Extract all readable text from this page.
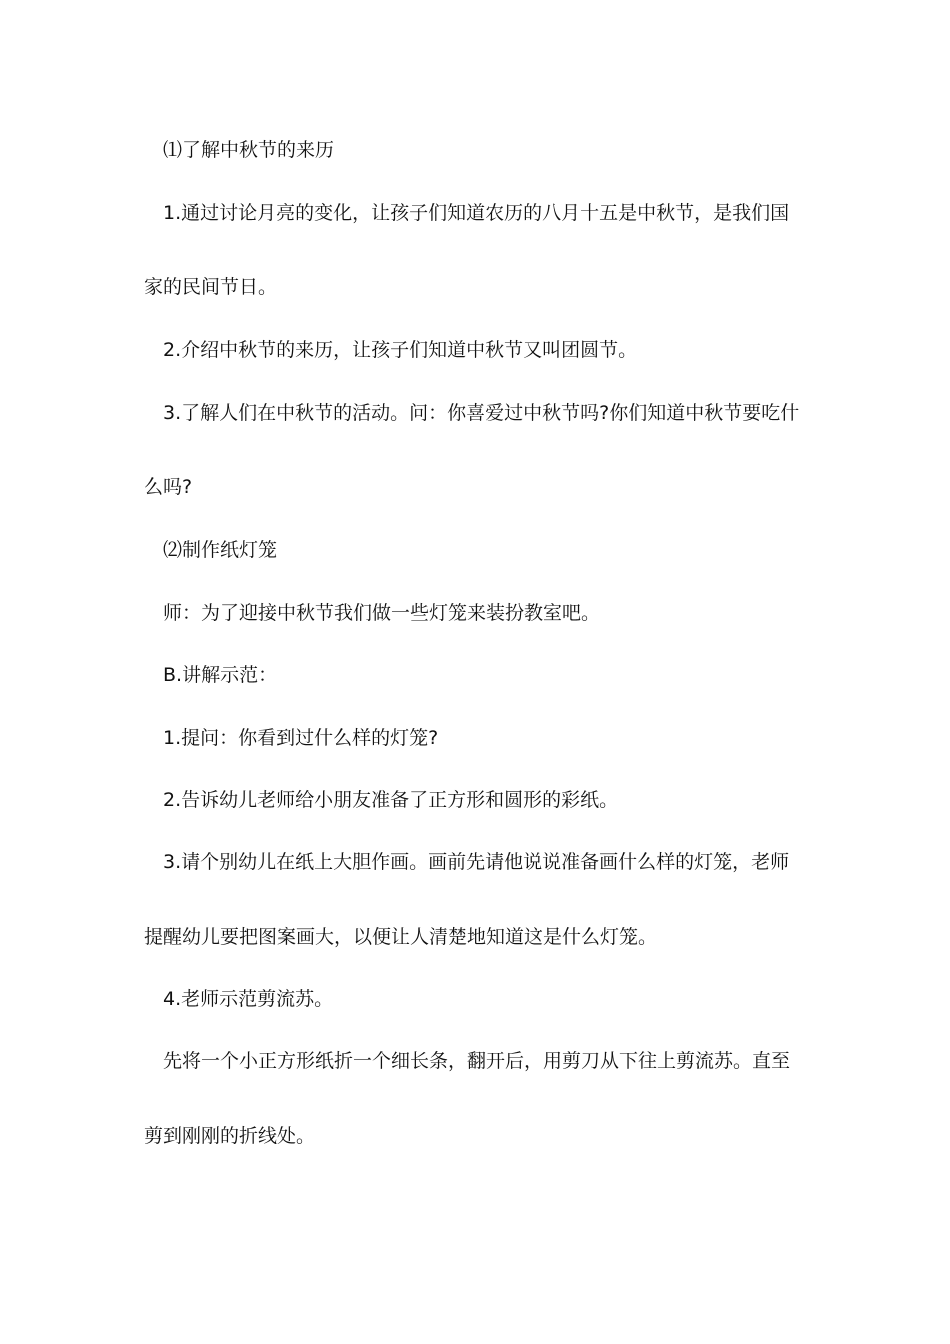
⑴了解中秋节的来历
1.通过讨论月亮的变化，让孩子们知道农历的八月十五是中秋节，是我们国
家的民间节日。
2.介绍中秋节的来历，让孩子们知道中秋节又叫团圆节。
3.了解人们在中秋节的活动。问：你喜爱过中秋节吗?你们知道中秋节要吃什
么吗?
⑵制作纸灯笼
师：为了迎接中秋节我们做一些灯笼来装扮教室吧。
B.讲解示范：
1.提问：你看到过什么样的灯笼?
2.告诉幼儿老师给小朋友准备了正方形和圆形的彩纸。
3.请个别幼儿在纸上大胆作画。画前先请他说说准备画什么样的灯笼，老师
提醒幼儿要把图案画大，以便让人清楚地知道这是什么灯笼。
4.老师示范剪流苏。
先将一个小正方形纸折一个细长条，翻开后，用剪刀从下往上剪流苏。直至
剪到刚刚的折线处。
